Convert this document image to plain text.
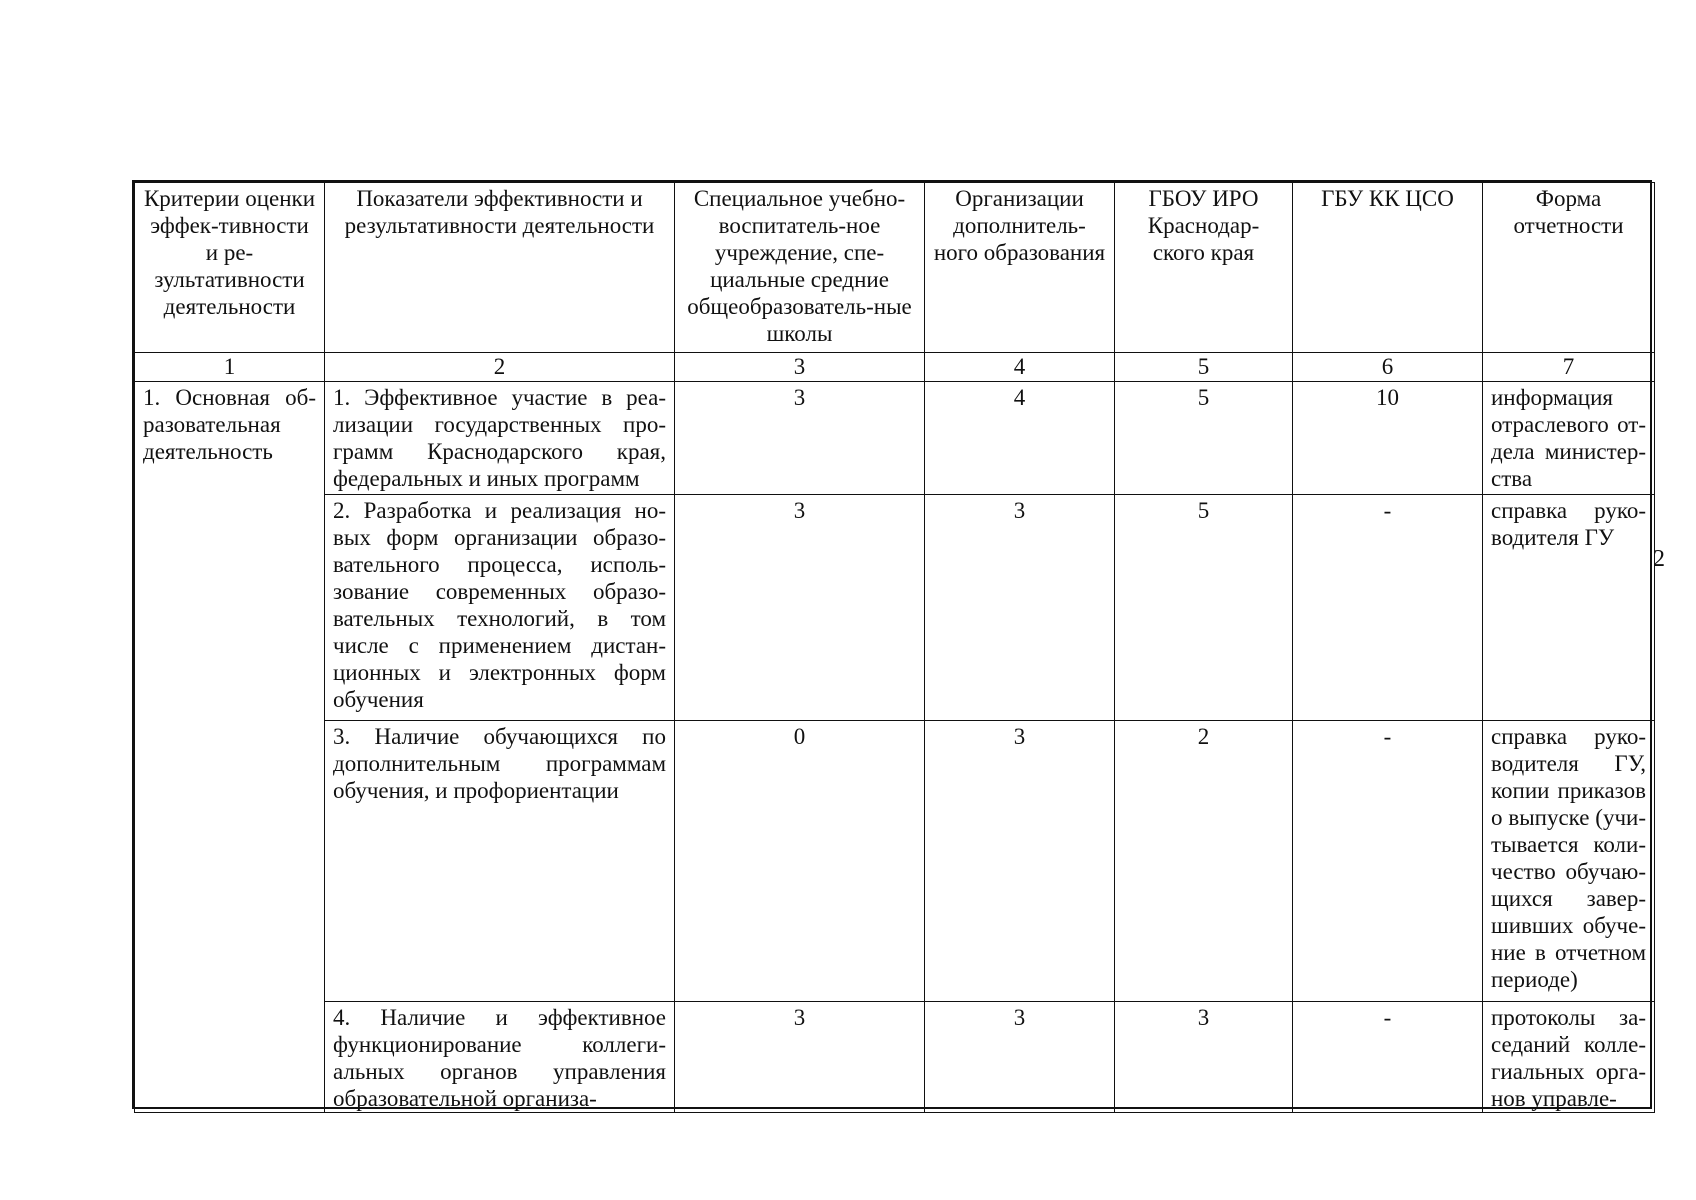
Критерии оценки эффек-тивности и ре-зультативности деятельности	Показатели эффективности и результативности деятельности	Специальное учебно-воспитатель-ное учреждение, спе-циальные средние общеобразователь-ные школы	Организации дополнитель-ного образования	ГБОУ ИРО Краснодар-ского края	ГБУ КК ЦСО	Форма отчетности
1	2	3	4	5	6	7
1. Основная об-разовательная деятельность	1. Эффективное участие в реа-лизации государственных про-грамм Краснодарского края, федеральных и иных программ	3	4	5	10	информация отраслевого от-дела министер-ства
	2. Разработка и реализация но-вых форм организации образо-вательного процесса, исполь-зование современных образо-вательных технологий, в том числе с применением дистан-ционных и электронных форм обучения	3	3	5	-	справка руко-водителя ГУ
	3. Наличие обучающихся по дополнительным программам обучения, и профориентации	0	3	2	-	справка руко-водителя ГУ, копии приказов о выпуске (учи-тывается коли-чество обучаю-щихся завер-шивших обуче-ние в отчетном периоде)
	4. Наличие и эффективное функционирование коллеги-альных органов управления образовательной организа-	3	3	3	-	протоколы за-седаний колле-гиальных орга-нов управле-
2
